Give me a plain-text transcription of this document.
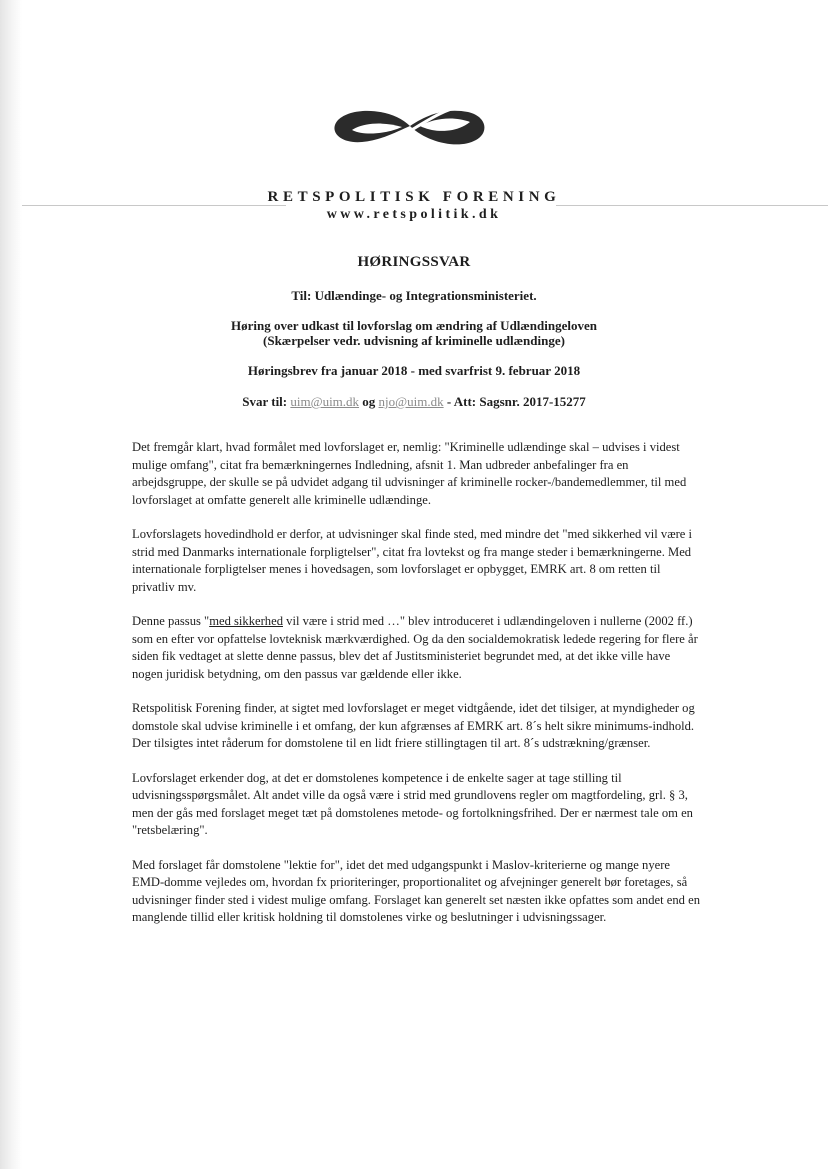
RETSPOLITISK FORENING
www.retspolitik.dk
HØRINGSSVAR
Til: Udlændinge- og Integrationsministeriet.
Høring over udkast til lovforslag om ændring af Udlændingeloven
(Skærpelser vedr. udvisning af kriminelle udlændinge)
Høringsbrev fra januar 2018 - med svarfrist 9. februar 2018
Svar til: uim@uim.dk og njo@uim.dk - Att: Sagsnr. 2017-15277

Det fremgår klart, hvad formålet med lovforslaget er, nemlig: "Kriminelle udlændinge skal – udvises i videst mulige omfang", citat fra bemærkningernes Indledning, afsnit 1. Man udbreder anbefalinger fra en arbejdsgruppe, der skulle se på udvidet adgang til udvisninger af kriminelle rocker-/bandemedlemmer, til med lovforslaget at omfatte generelt alle kriminelle udlændinge.

Lovforslagets hovedindhold er derfor, at udvisninger skal finde sted, med mindre det "med sikkerhed vil være i strid med Danmarks internationale forpligtelser", citat fra lovtekst og fra mange steder i bemærkningerne. Med internationale forpligtelser menes i hovedsagen, som lovforslaget er opbygget, EMRK art. 8 om retten til privatliv mv.

Denne passus "med sikkerhed vil være i strid med …" blev introduceret i udlændingeloven i nullerne (2002 ff.) som en efter vor opfattelse lovteknisk mærkværdighed. Og da den socialdemokratisk ledede regering for flere år siden fik vedtaget at slette denne passus, blev det af Justitsministeriet begrundet med, at det ikke ville have nogen juridisk betydning, om den passus var gældende eller ikke.

Retspolitisk Forening finder, at sigtet med lovforslaget er meget vidtgående, idet det tilsiger, at myndigheder og domstole skal udvise kriminelle i et omfang, der kun afgrænses af EMRK art. 8´s helt sikre minimums-indhold. Der tilsigtes intet råderum for domstolene til en lidt friere stillingtagen til art. 8´s udstrækning/grænser.

Lovforslaget erkender dog, at det er domstolenes kompetence i de enkelte sager at tage stilling til udvisningsspørgsmålet. Alt andet ville da også være i strid med grundlovens regler om magtfordeling, grl. § 3, men der gås med forslaget meget tæt på domstolenes metode- og fortolkningsfrihed. Der er nærmest tale om en "retsbelæring".

Med forslaget får domstolene "lektie for", idet det med udgangspunkt i Maslov-kriterierne og mange nyere EMD-domme vejledes om, hvordan fx prioriteringer, proportionalitet og afvejninger generelt bør foretages, så udvisninger finder sted i videst mulige omfang. Forslaget kan generelt set næsten ikke opfattes som andet end en manglende tillid eller kritisk holdning til domstolenes virke og beslutninger i udvisningssager.
